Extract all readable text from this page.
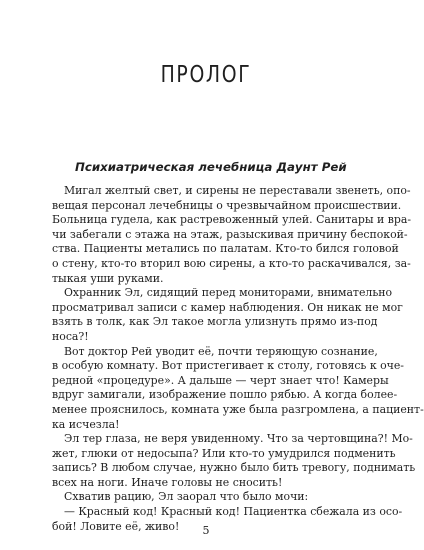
ПРОЛОГ
Психиатрическая лечебница Даунт Рей
Мигал желтый свет, и сирены не переставали звенеть, опо-
вещая персонал лечебницы о чрезвычайном происшествии.
Больница гудела, как растревоженный улей. Санитары и вра-
чи забегали с этажа на этаж, разыскивая причину беспокой-
ства. Пациенты метались по палатам. Кто-то бился головой
о стену, кто-то вторил вою сирены, а кто-то раскачивался, за-
тыкая уши руками.
Охранник Эл, сидящий перед мониторами, внимательно
просматривал записи с камер наблюдения. Он никак не мог
взять в толк, как Эл такое могла улизнуть прямо из-под
носа?!
Вот доктор Рей уводит её, почти теряющую сознание,
в особую комнату. Вот пристегивает к столу, готовясь к оче-
редной «процедуре». А дальше — черт знает что! Камеры
вдруг замигали, изображение пошло рябью. А когда более-
менее прояснилось, комната уже была разгромлена, а пациент-
ка исчезла!
Эл тер глаза, не веря увиденному. Что за чертовщина?! Мо-
жет, глюки от недосыпа? Или кто-то умудрился подменить
запись? В любом случае, нужно было бить тревогу, поднимать
всех на ноги. Иначе головы не сносить!
Схватив рацию, Эл заорал что было мочи:
— Красный код! Красный код! Пациентка сбежала из осо-
бой! Ловите её, живо!	5
